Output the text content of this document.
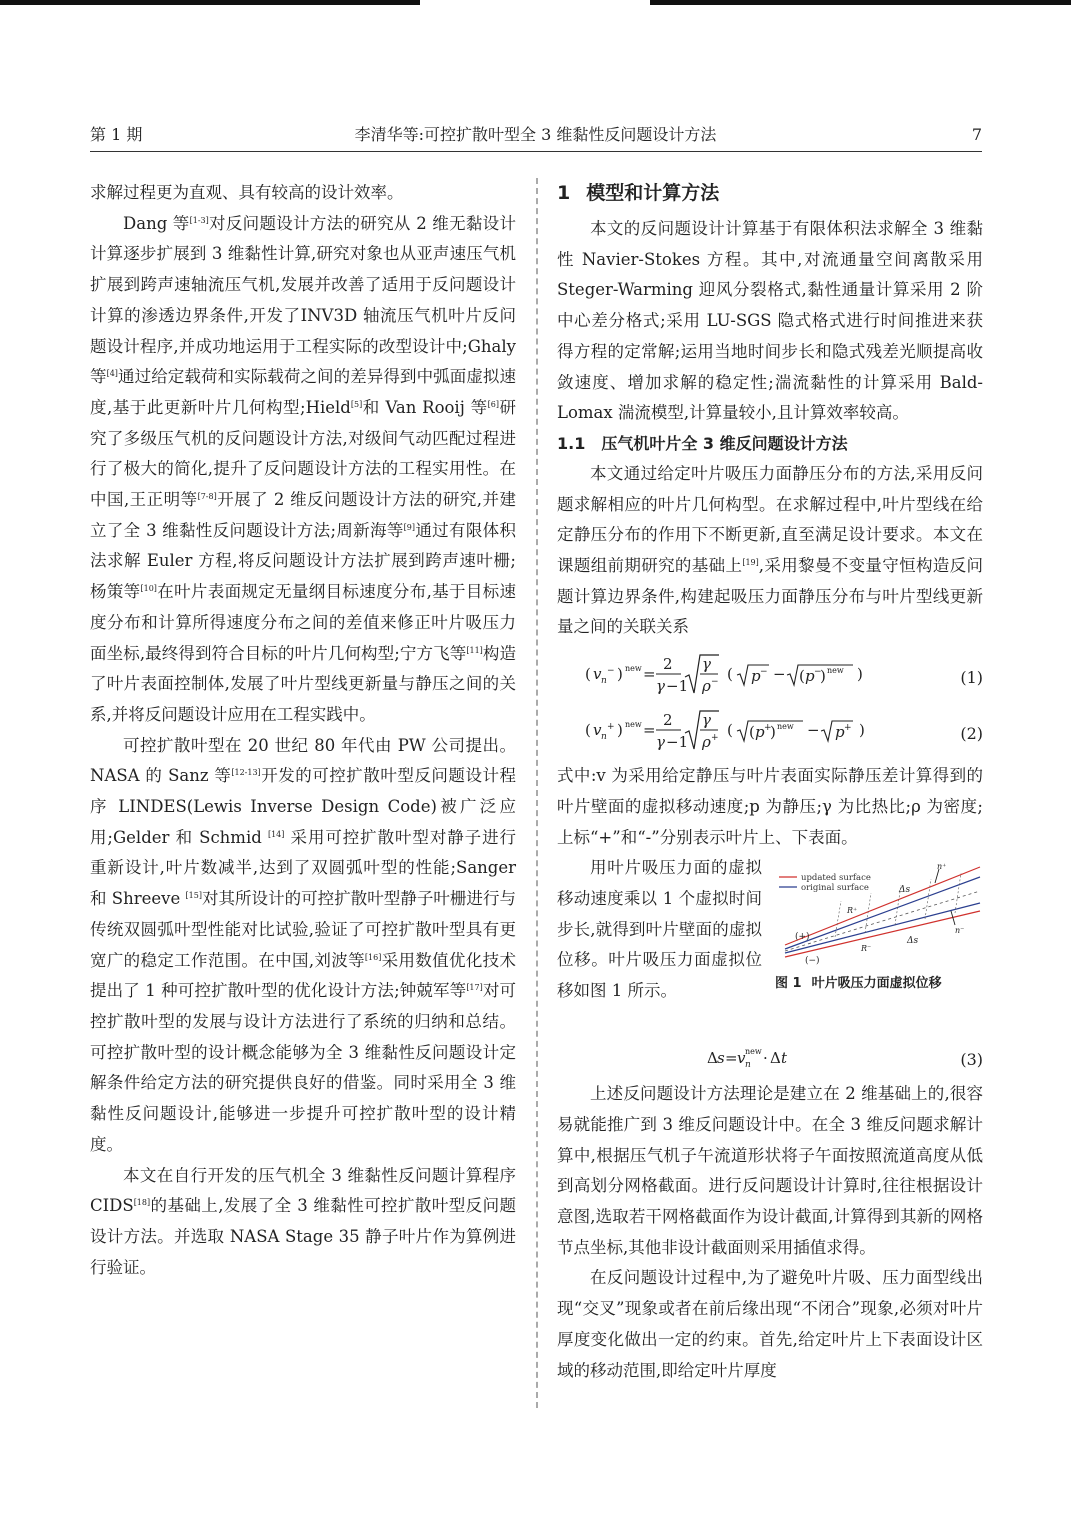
第 1 期	李清华等:可控扩散叶型全 3 维黏性反问题设计方法	7

求解过程更为直观、具有较高的设计效率。

Dang 等[1-3]对反问题设计方法的研究从 2 维无黏设计计算逐步扩展到 3 维黏性计算,研究对象也从亚声速压气机扩展到跨声速轴流压气机,发展并改善了适用于反问题设计计算的渗透边界条件,开发了INV3D 轴流压气机叶片反问题设计程序,并成功地运用于工程实际的改型设计中;Ghaly 等[4]通过给定载荷和实际载荷之间的差异得到中弧面虚拟速度,基于此更新叶片几何构型;Hield[5]和 Van Rooij 等[6]研究了多级压气机的反问题设计方法,对级间气动匹配过程进行了极大的简化,提升了反问题设计方法的工程实用性。在中国,王正明等[7-8]开展了 2 维反问题设计方法的研究,并建立了全 3 维黏性反问题设计方法;周新海等[9]通过有限体积法求解 Euler 方程,将反问题设计方法扩展到跨声速叶栅;杨策等[10]在叶片表面规定无量纲目标速度分布,基于目标速度分布和计算所得速度分布之间的差值来修正叶片吸压力面坐标,最终得到符合目标的叶片几何构型;宁方飞等[11]构造了叶片表面控制体,发展了叶片型线更新量与静压之间的关系,并将反问题设计应用在工程实践中。

可控扩散叶型在 20 世纪 80 年代由 PW 公司提出。NASA 的 Sanz 等[12-13]开发的可控扩散叶型反问题设计程序 LINDES(Lewis Inverse Design Code)被广泛应用;Gelder 和 Schmid [14] 采用可控扩散叶型对静子进行重新设计,叶片数减半,达到了双圆弧叶型的性能;Sanger 和 Shreeve [15]对其所设计的可控扩散叶型静子叶栅进行与传统双圆弧叶型性能对比试验,验证了可控扩散叶型具有更宽广的稳定工作范围。在中国,刘波等[16]采用数值优化技术提出了 1 种可控扩散叶型的优化设计方法;钟兢军等[17]对可控扩散叶型的发展与设计方法进行了系统的归纳和总结。可控扩散叶型的设计概念能够为全 3 维黏性反问题设计定解条件给定方法的研究提供良好的借鉴。同时采用全 3 维黏性反问题设计,能够进一步提升可控扩散叶型的设计精度。

本文在自行开发的压气机全 3 维黏性反问题计算程序 CIDS[18]的基础上,发展了全 3 维黏性可控扩散叶型反问题设计方法。并选取 NASA Stage 35 静子叶片作为算例进行验证。

1 模型和计算方法

本文的反问题设计计算基于有限体积法求解全 3 维黏性 Navier-Stokes 方程。其中,对流通量空间离散采用 Steger-Warming 迎风分裂格式,黏性通量计算采用 2 阶中心差分格式;采用 LU-SGS 隐式格式进行时间推进来获得方程的定常解;运用当地时间步长和隐式残差光顺提高收敛速度、增加求解的稳定性;湍流黏性的计算采用 Bald-Lomax 湍流模型,计算量较小,且计算效率较高。

1.1 压气机叶片全 3 维反问题设计方法

本文通过给定叶片吸压力面静压分布的方法,采用反问题求解相应的叶片几何构型。在求解过程中,叶片型线在给定静压分布的作用下不断更新,直至满足设计要求。本文在课题组前期研究的基础上[19],采用黎曼不变量守恒构造反问题计算边界条件,构建起吸压力面静压分布与叶片型线更新量之间的关联关系

( v n
− ) new =
2
γ −1
γ
ρ − ( p − − ( p −
) new )	(1)
( v n
+ ) new =
2
γ −1
γ
ρ + ( ( p +
) new − p + )	(2)

式中:v 为采用给定静压与叶片表面实际静压差计算得到的叶片壁面的虚拟移动速度;p 为静压;γ 为比热比;ρ 为密度;上标“+”和“-”分别表示叶片上、下表面。

用叶片吸压力面的虚拟移动速度乘以 1 个虚拟时间步长,就得到叶片壁面的虚拟位移。叶片吸压力面虚拟位移如图 1 所示。

updated surface
original surface	Δs
Δs
n⁺
n⁻
R⁺
R⁻
(+)
(−)
图 1 叶片吸压力面虚拟位移
Δ s = v n
new · Δ t	(3)

上述反问题设计方法理论是建立在 2 维基础上的,很容易就能推广到 3 维反问题设计中。在全 3 维反问题求解计算中,根据压气机子午流道形状将子午面按照流道高度从低到高划分网格截面。进行反问题设计计算时,往往根据设计意图,选取若干网格截面作为设计截面,计算得到其新的网格节点坐标,其他非设计截面则采用插值求得。

在反问题设计过程中,为了避免叶片吸、压力面型线出现“交叉”现象或者在前后缘出现“不闭合”现象,必须对叶片厚度变化做出一定的约束。首先,给定叶片上下表面设计区域的移动范围,即给定叶片厚度
